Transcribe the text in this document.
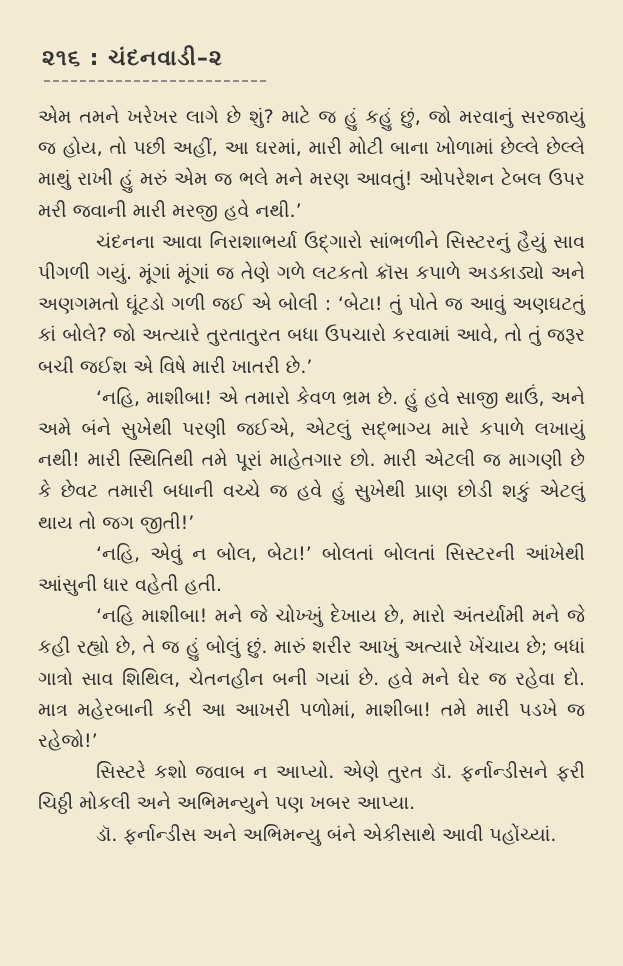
૨૧૬ : ચંદનવાડી–૨

એમ તમને ખરેખર લાગે છે શું? માટે જ હું કહું છું, જો મરવાનું સરજાયું જ હોય, તો પછી અહીં, આ ઘરમાં, મારી મોટી બાના ખોળામાં છેલ્લે છેલ્લે માથું રાખી હું મરું એમ જ ભલે મને મરણ આવતું! ઓપરેશન ટેબલ ઉપર મરી જવાની મારી મરજી હવે નથી.’

ચંદનના આવા નિરાશાભર્યા ઉદ્ગારો સાંભળીને સિસ્ટરનું હૈયું સાવ પીગળી ગયું. મૂંગાં મૂંગાં જ તેણે ગળે લટકતો ક્રૉસ કપાળે અડકાડ્યો અને અણગમતો ઘૂંટડો ગળી જઈ એ બોલી : ‘બેટા! તું પોતે જ આવું અણઘટતું કાં બોલે? જો અત્યારે તુરતાતુરત બધા ઉપચારો કરવામાં આવે, તો તું જરૂર બચી જઈશ એ વિષે મારી ખાતરી છે.’

‘નહિ, માશીબા! એ તમારો કેવળ ભ્રમ છે. હું હવે સાજી થાઉં, અને અમે બંને સુખેથી પરણી જઈએ, એટલું સદ્ભાગ્ય મારે કપાળે લખાયું નથી! મારી સ્થિતિથી તમે પૂરાં માહેતગાર છો. મારી એટલી જ માગણી છે કે છેવટ તમારી બધાની વચ્ચે જ હવે હું સુખેથી પ્રાણ છોડી શકું એટલું થાય તો જગ જીતી!’

‘નહિ, એવું ન બોલ, બેટા!’ બોલતાં બોલતાં સિસ્ટરની આંખેથી આંસુની ધાર વહેતી હતી.

‘નહિ માશીબા! મને જે ચોખ્ખું દેખાય છે, મારો અંતર્યામી મને જે કહી રહ્યો છે, તે જ હું બોલું છું. મારું શરીર આખું અત્યારે ખેંચાય છે; બધાં ગાત્રો સાવ શિથિલ, ચેતનહીન બની ગયાં છે. હવે મને ઘેર જ રહેવા દો. માત્ર મહેરબાની કરી આ આખરી પળોમાં, માશીબા! તમે મારી પડખે જ રહેજો!’

સિસ્ટરે કશો જવાબ ન આપ્યો. એણે તુરત ડૉ. ફર્નાન્ડીસને ફરી ચિઠ્ઠી મોકલી અને અભિમન્યુને પણ ખબર આપ્યા.

ડૉ. ફર્નાન્ડીસ અને અભિમન્યુ બંને એકીસાથે આવી પહોંચ્યાં.
